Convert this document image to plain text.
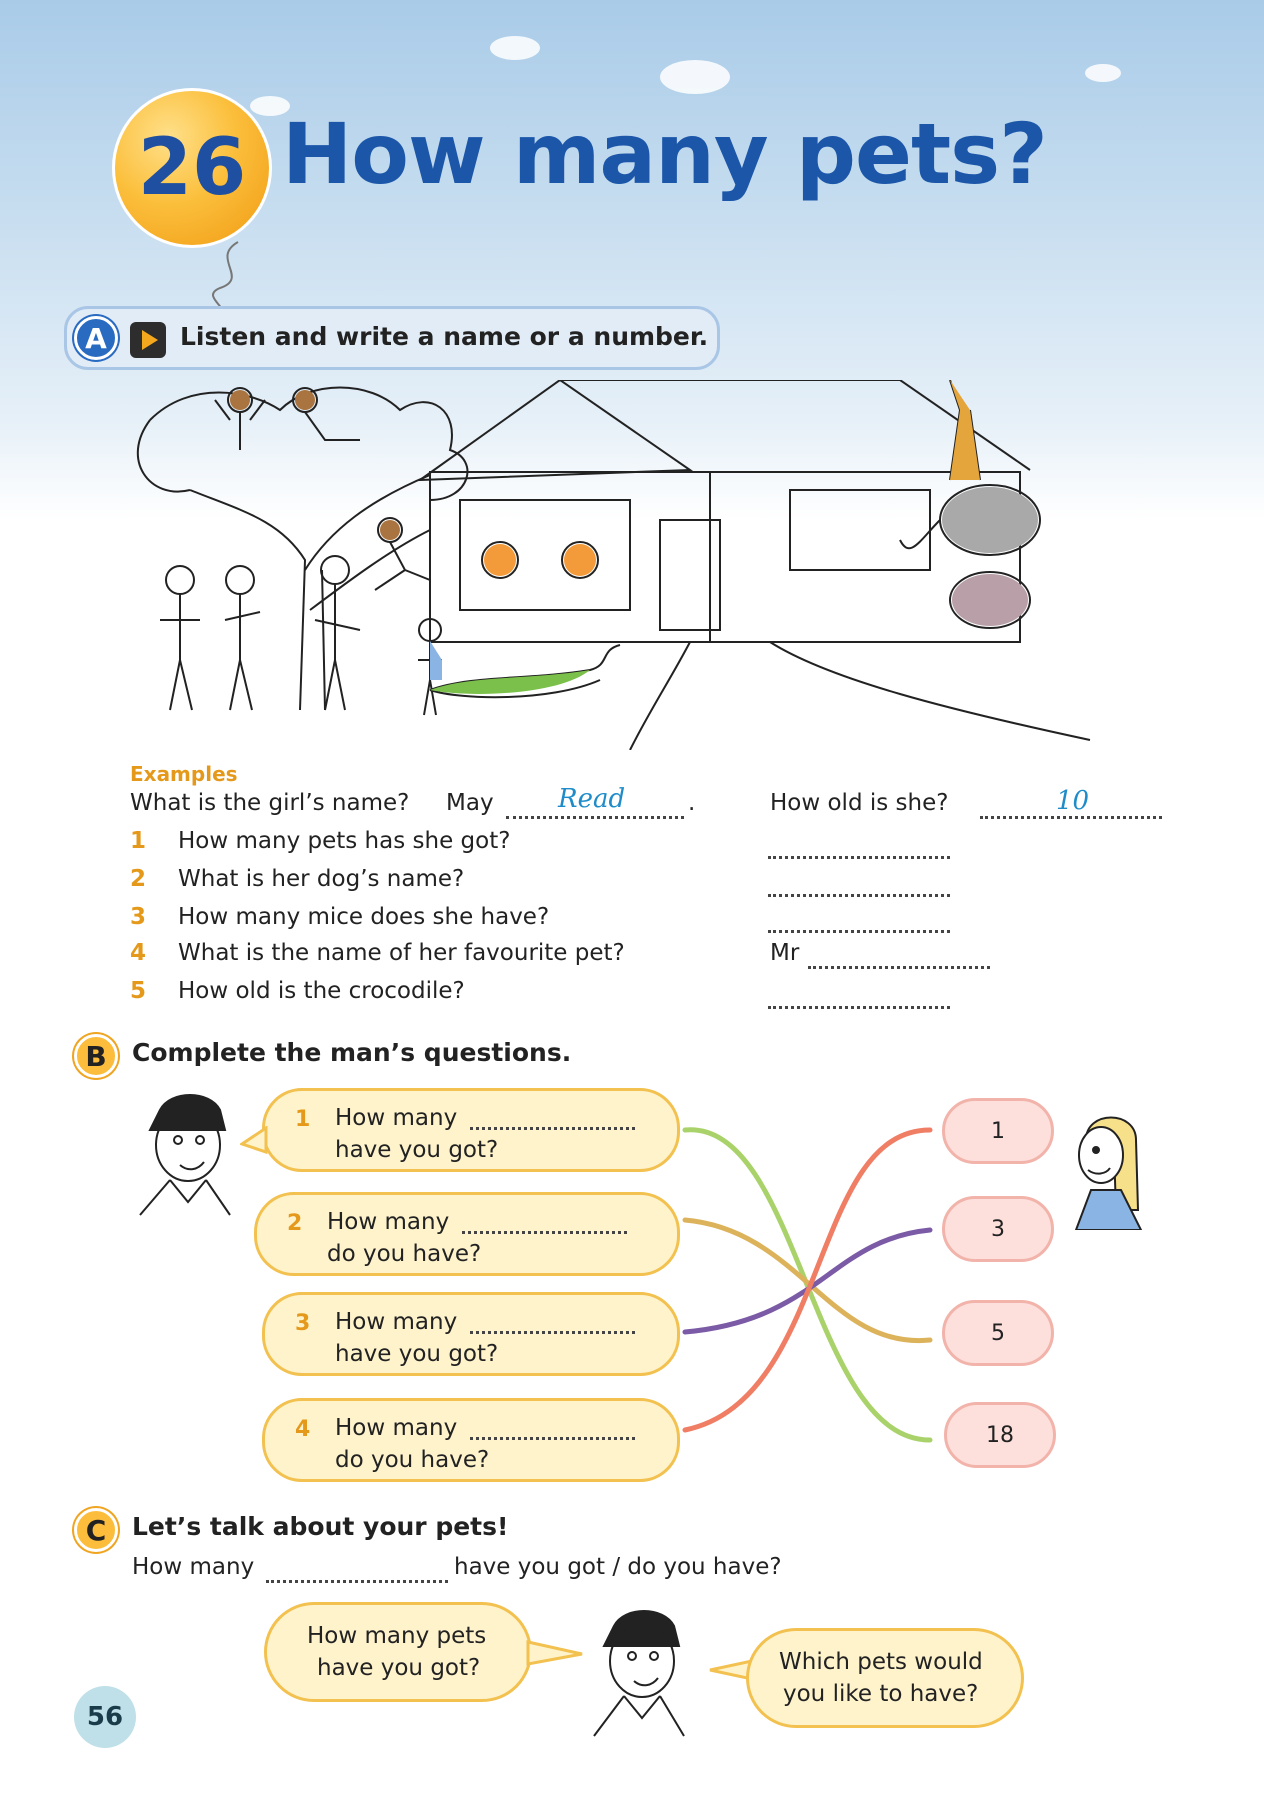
26 How many pets?
A	Listen and write a name or a number.
Examples
What is the girl’s name? May Read	.	How old is she?	10
1 How many pets has she got?
2 What is her dog’s name?
3 How many mice does she have?
4 What is the name of her favourite pet?	Mr
5 How old is the crocodile?
B	Complete the man’s questions.
1 How many
have you got?
2 How many
do you have?
3 How many
have you got?
4 How many
do you have?
1
3
5
18
C	Let’s talk about your pets!
How many	have you got / do you have?
How many pets
have you got?	Which pets would
you like to have?
56
